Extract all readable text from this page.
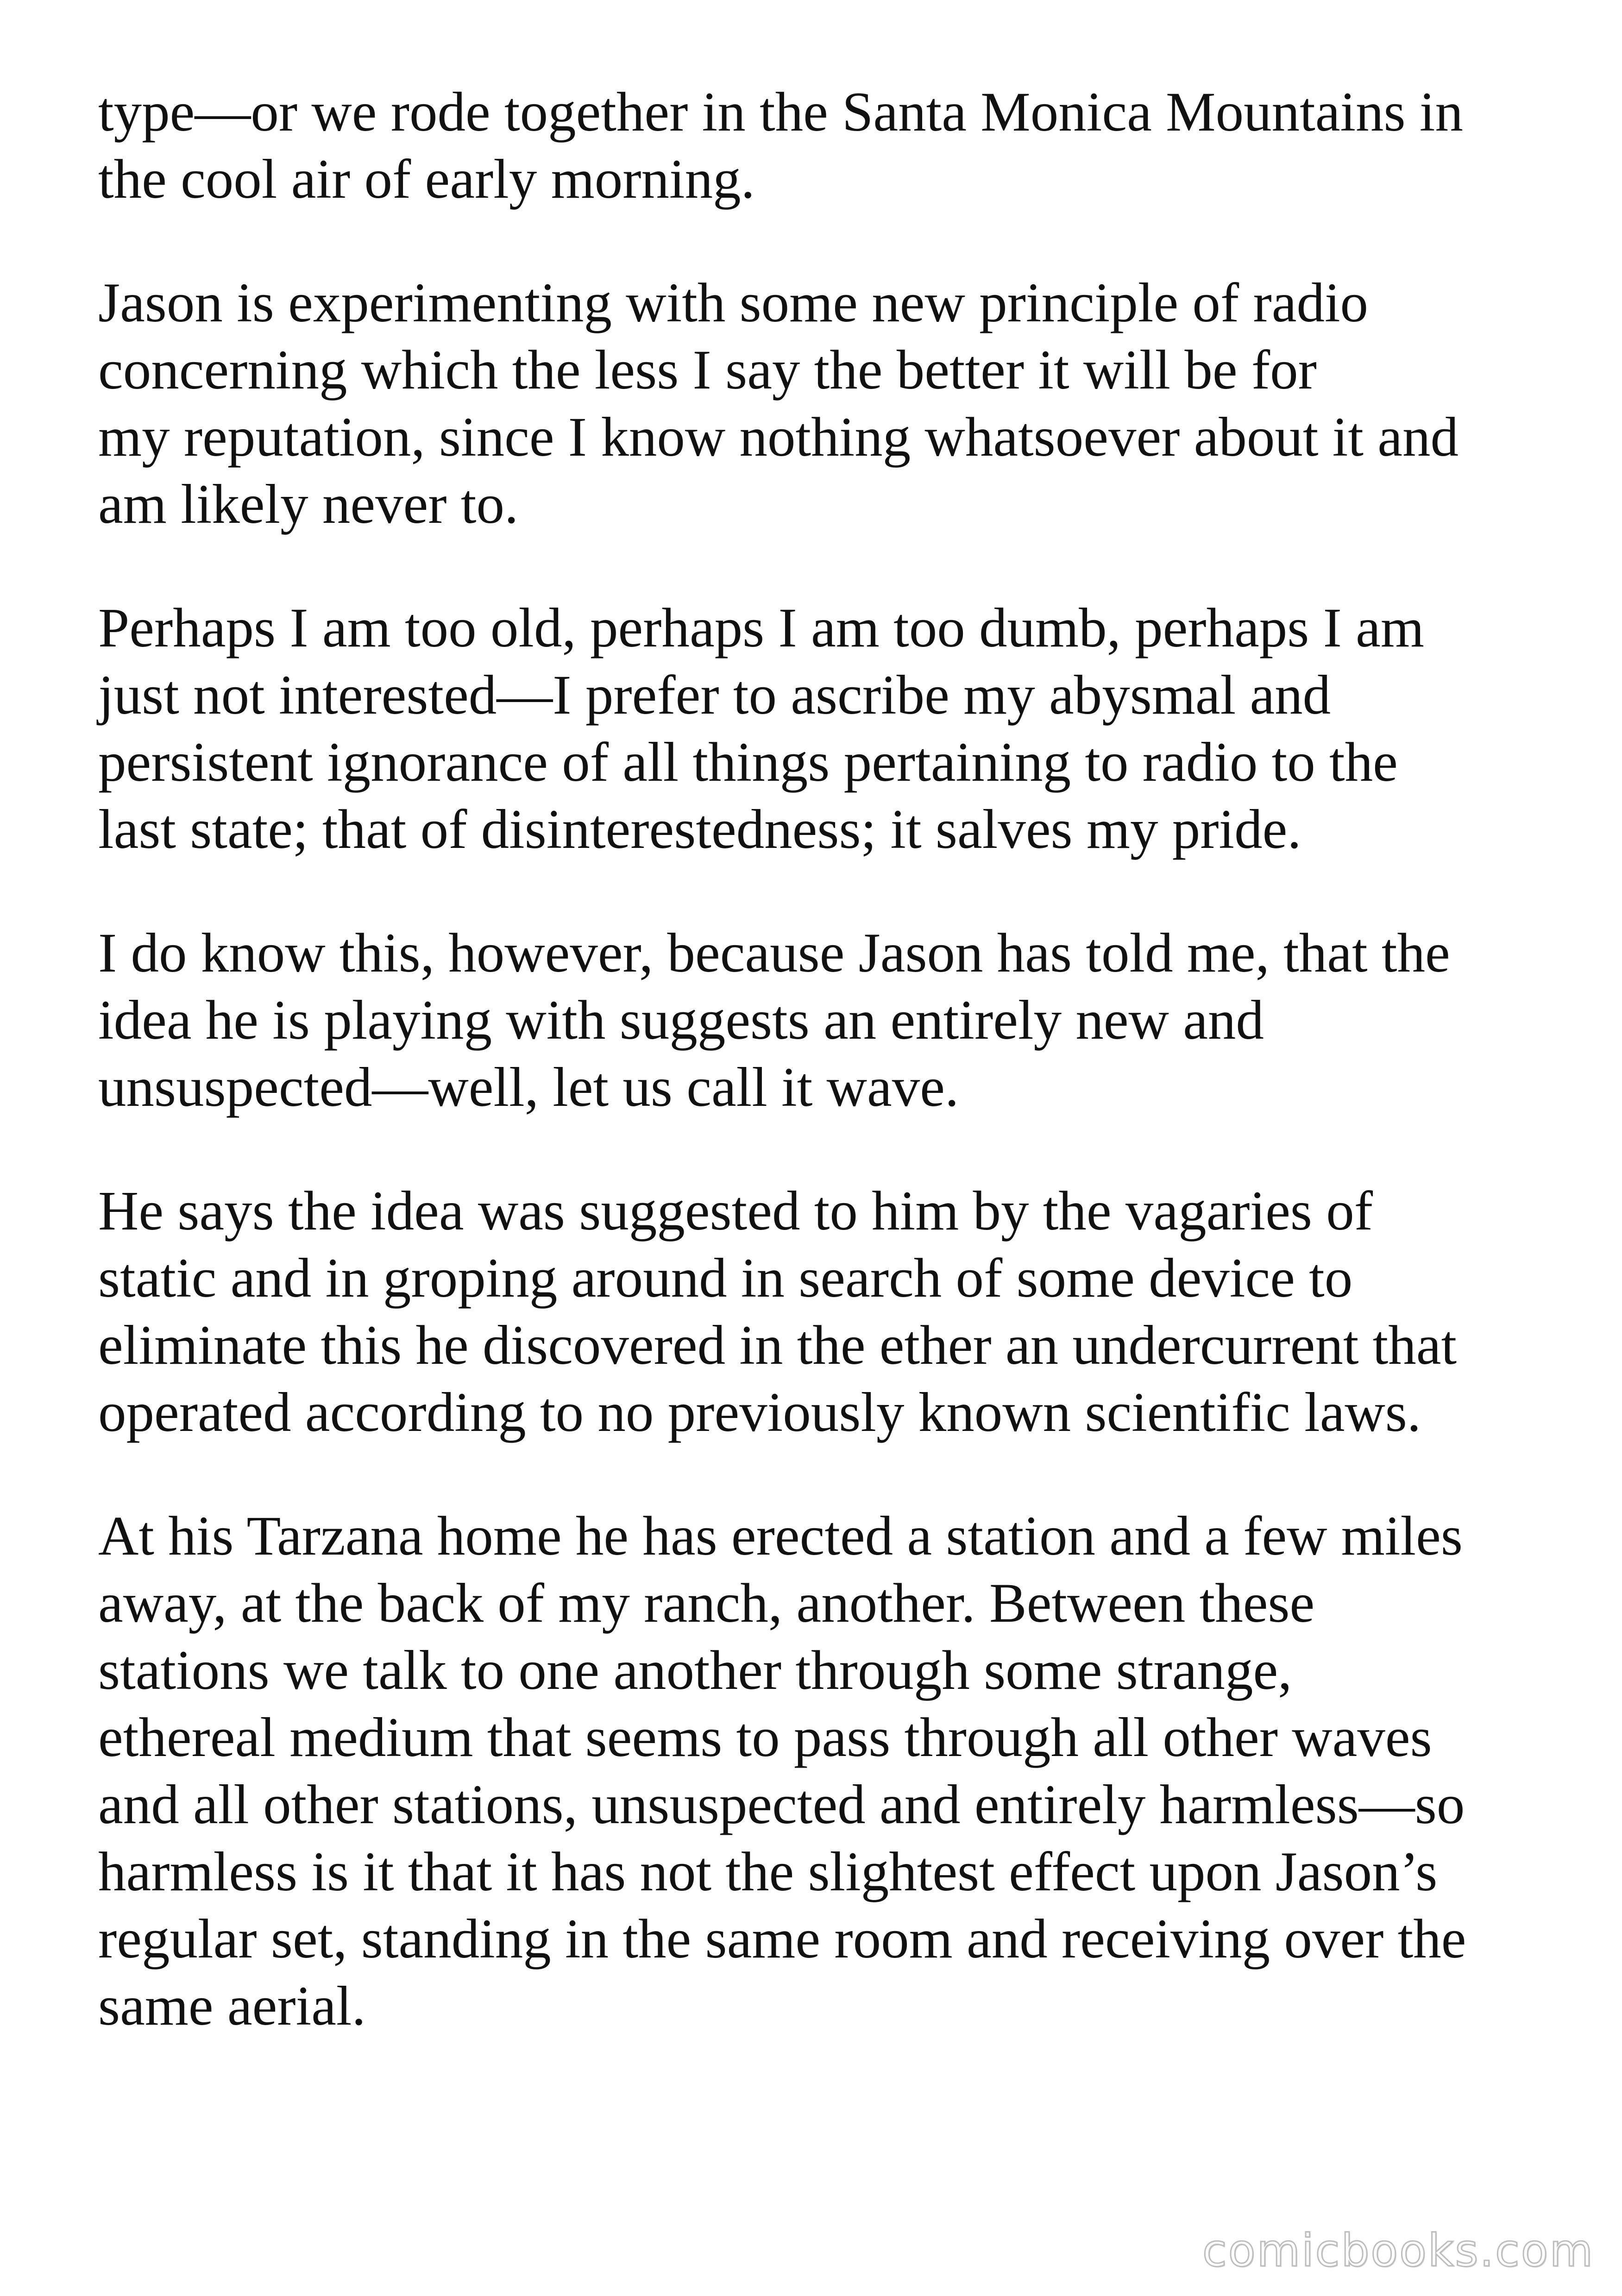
type—or we rode together in the Santa Monica Mountains in
the cool air of early morning.

Jason is experimenting with some new principle of radio
concerning which the less I say the better it will be for
my reputation, since I know nothing whatsoever about it and
am likely never to.

Perhaps I am too old, perhaps I am too dumb, perhaps I am
just not interested—I prefer to ascribe my abysmal and
persistent ignorance of all things pertaining to radio to the
last state; that of disinterestedness; it salves my pride.

I do know this, however, because Jason has told me, that the
idea he is playing with suggests an entirely new and
unsuspected—well, let us call it wave.

He says the idea was suggested to him by the vagaries of
static and in groping around in search of some device to
eliminate this he discovered in the ether an undercurrent that
operated according to no previously known scientific laws.

At his Tarzana home he has erected a station and a few miles
away, at the back of my ranch, another. Between these
stations we talk to one another through some strange,
ethereal medium that seems to pass through all other waves
and all other stations, unsuspected and entirely harmless—so
harmless is it that it has not the slightest effect upon Jason’s
regular set, standing in the same room and receiving over the
same aerial.

comicbooks.com
